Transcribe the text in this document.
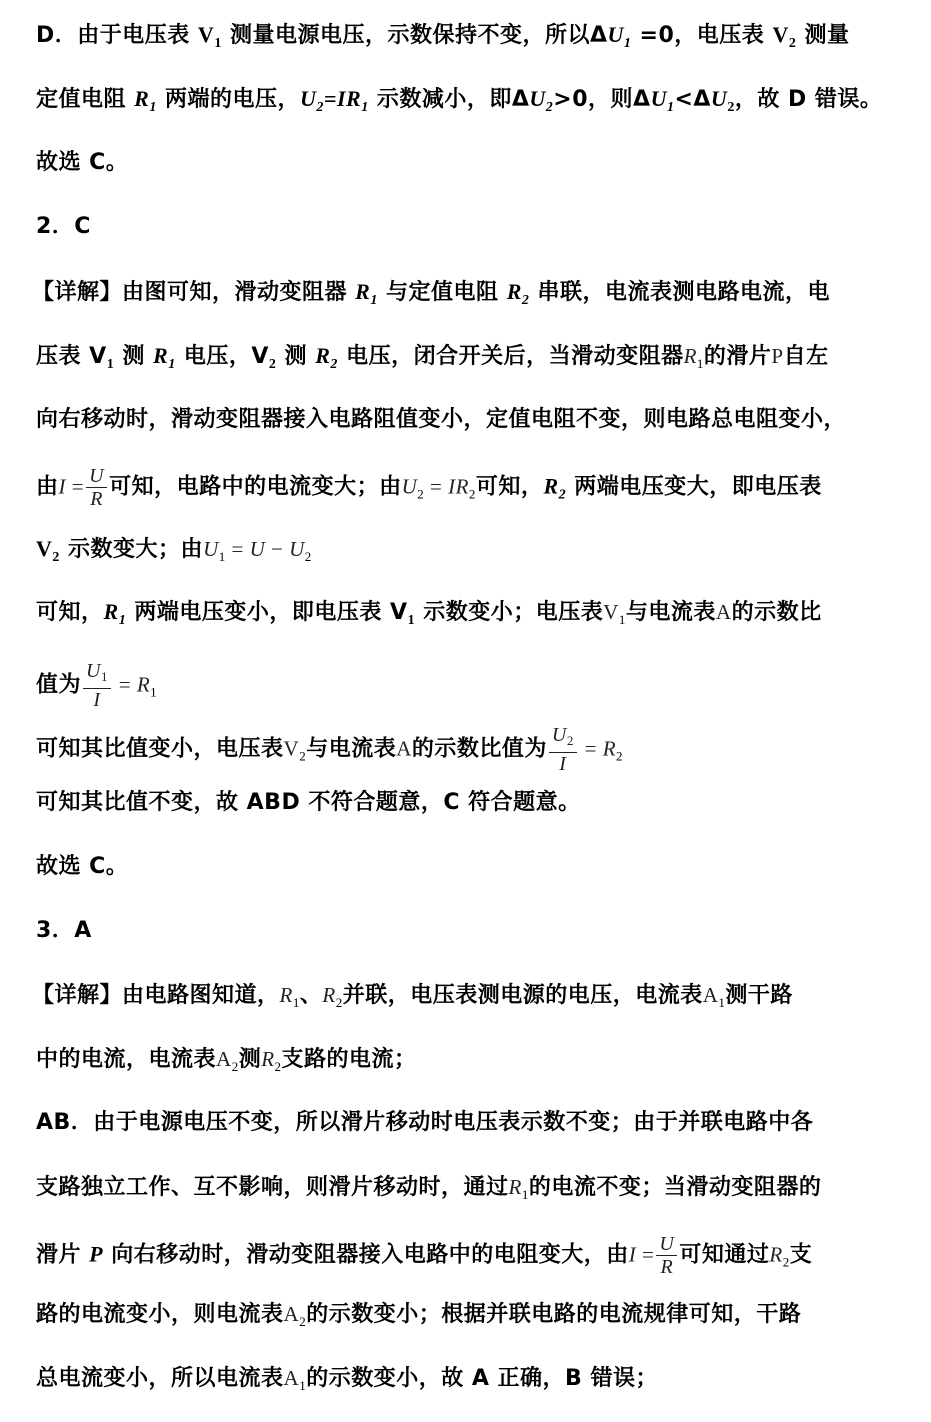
D．由于电压表 $V_1$ 测量电源电压，示数保持不变，所以$\Delta U_1 =0$，电压表 $V_2$ 测量
定值电阻 $R_1$ 两端的电压，$U_2=IR_1$ 示数减小，即$\Delta U_2>0$，则$\Delta U_1<\Delta U_2$，故 D 错误。
故选 C。
2．C
【详解】由图可知，滑动变阻器 $R_1$ 与定值电阻 $R_2$ 串联，电流表测电路电流，电
压表 $V_1$ 测 $R_1$ 电压，$V_2$ 测 $R_2$ 电压，闭合开关后，当滑动变阻器$R_1$的滑片P自左
向右移动时，滑动变阻器接入电路阻值变小，定值电阻不变，则电路总电阻变小，
由$I = \frac{U}{R}$ 可知，电路中的电流变大；由$U_2 = IR_2$可知，$R_2$ 两端电压变大，即电压表
$V_2$ 示数变大；由$U_1 = U - U_2$
可知，$R_1$ 两端电压变小，即电压表 $V_1$ 示数变小；电压表$V_1$与电流表A的示数比
值为 $\frac{U_1}{I} = R_1$
可知其比值变小，电压表$V_2$与电流表A的示数比值为 $\frac{U_2}{I} = R_2$
可知其比值不变，故 ABD 不符合题意，C 符合题意。
故选 C。
3．A
【详解】由电路图知道，$R_1$、$R_2$并联，电压表测电源的电压，电流表$A_1$测干路
中的电流，电流表$A_2$测$R_2$支路的电流；
AB．由于电源电压不变，所以滑片移动时电压表示数不变；由于并联电路中各
支路独立工作、互不影响，则滑片移动时，通过$R_1$的电流不变；当滑动变阻器的
滑片 P 向右移动时，滑动变阻器接入电路中的电阻变大，由$I = \frac{U}{R}$ 可知通过$R_2$支
路的电流变小，则电流表$A_2$的示数变小；根据并联电路的电流规律可知，干路
总电流变小，所以电流表$A_1$的示数变小，故 A 正确，B 错误；
